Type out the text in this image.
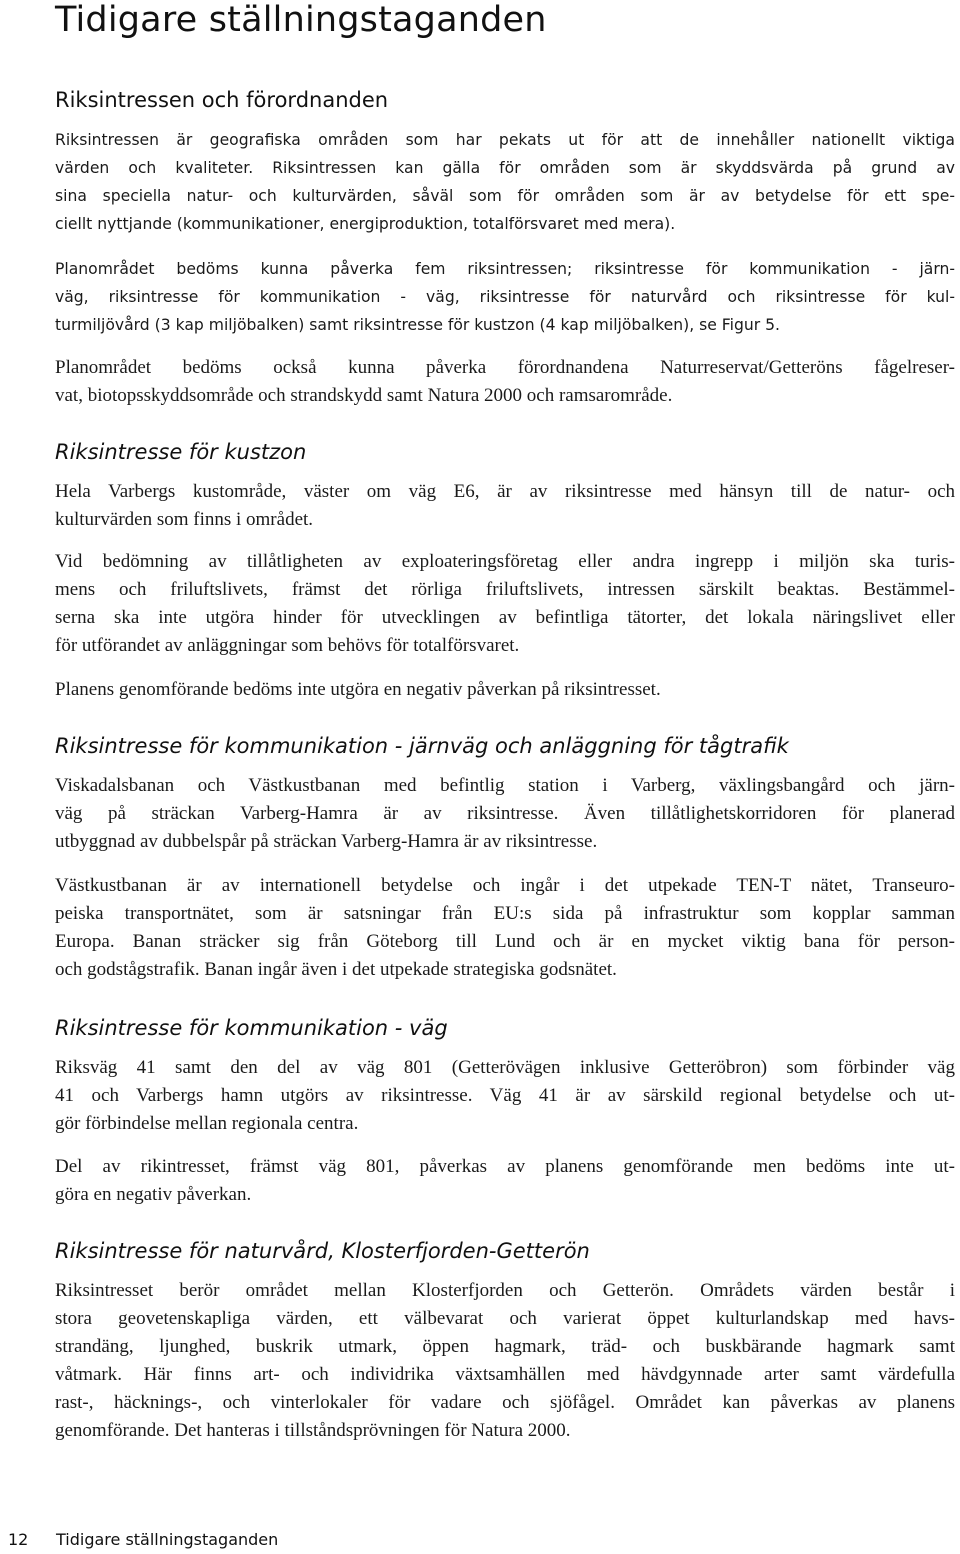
Tidigare ställningstaganden
Riksintressen och förordnanden

Riksintressen är geografiska områden som har pekats ut för att de innehåller nationellt viktiga
värden och kvaliteter. Riksintressen kan gälla för områden som är skyddsvärda på grund av
sina speciella natur- och kulturvärden, såväl som för områden som är av betydelse för ett spe-
ciellt nyttjande (kommunikationer, energiproduktion, totalförsvaret med mera).

Planområdet bedöms kunna påverka fem riksintressen; riksintresse för kommunikation - järn-
väg, riksintresse för kommunikation - väg, riksintresse för naturvård och riksintresse för kul-
turmiljövård (3 kap miljöbalken) samt riksintresse för kustzon (4 kap miljöbalken), se Figur 5.

Planområdet bedöms också kunna påverka förordnandena Naturreservat/Getteröns fågelreser-
vat, biotopsskyddsområde och strandskydd samt Natura 2000 och ramsarområde.

Riksintresse för kustzon

Hela Varbergs kustområde, väster om väg E6, är av riksintresse med hänsyn till de natur- och
kulturvärden som finns i området.

Vid bedömning av tillåtligheten av exploateringsföretag eller andra ingrepp i miljön ska turis-
mens och friluftslivets, främst det rörliga friluftslivets, intressen särskilt beaktas. Bestämmel-
serna ska inte utgöra hinder för utvecklingen av befintliga tätorter, det lokala näringslivet eller
för utförandet av anläggningar som behövs för totalförsvaret.

Planens genomförande bedöms inte utgöra en negativ påverkan på riksintresset.

Riksintresse för kommunikation - järnväg och anläggning för tågtrafik

Viskadalsbanan och Västkustbanan med befintlig station i Varberg, växlingsbangård och järn-
väg på sträckan Varberg-Hamra är av riksintresse. Även tillåtlighetskorridoren för planerad
utbyggnad av dubbelspår på sträckan Varberg-Hamra är av riksintresse.

Västkustbanan är av internationell betydelse och ingår i det utpekade TEN-T nätet, Transeuro-
peiska transportnätet, som är satsningar från EU:s sida på infrastruktur som kopplar samman
Europa. Banan sträcker sig från Göteborg till Lund och är en mycket viktig bana för person-
och godstågstrafik. Banan ingår även i det utpekade strategiska godsnätet.

Riksintresse för kommunikation - väg

Riksväg 41 samt den del av väg 801 (Getterövägen inklusive Getteröbron) som förbinder väg
41 och Varbergs hamn utgörs av riksintresse. Väg 41 är av särskild regional betydelse och ut-
gör förbindelse mellan regionala centra.

Del av rikintresset, främst väg 801, påverkas av planens genomförande men bedöms inte ut-
göra en negativ påverkan.

Riksintresse för naturvård, Klosterfjorden-Getterön

Riksintresset berör området mellan Klosterfjorden och Getterön. Områdets värden består i
stora geovetenskapliga värden, ett välbevarat och varierat öppet kulturlandskap med havs-
strandäng, ljunghed, buskrik utmark, öppen hagmark, träd- och buskbärande hagmark samt
våtmark. Här finns art- och individrika växtsamhällen med hävdgynnade arter samt värdefulla
rast-, häcknings-, och vinterlokaler för vadare och sjöfågel. Området kan påverkas av planens
genomförande. Det hanteras i tillståndsprövningen för Natura 2000.

12 Tidigare ställningstaganden
